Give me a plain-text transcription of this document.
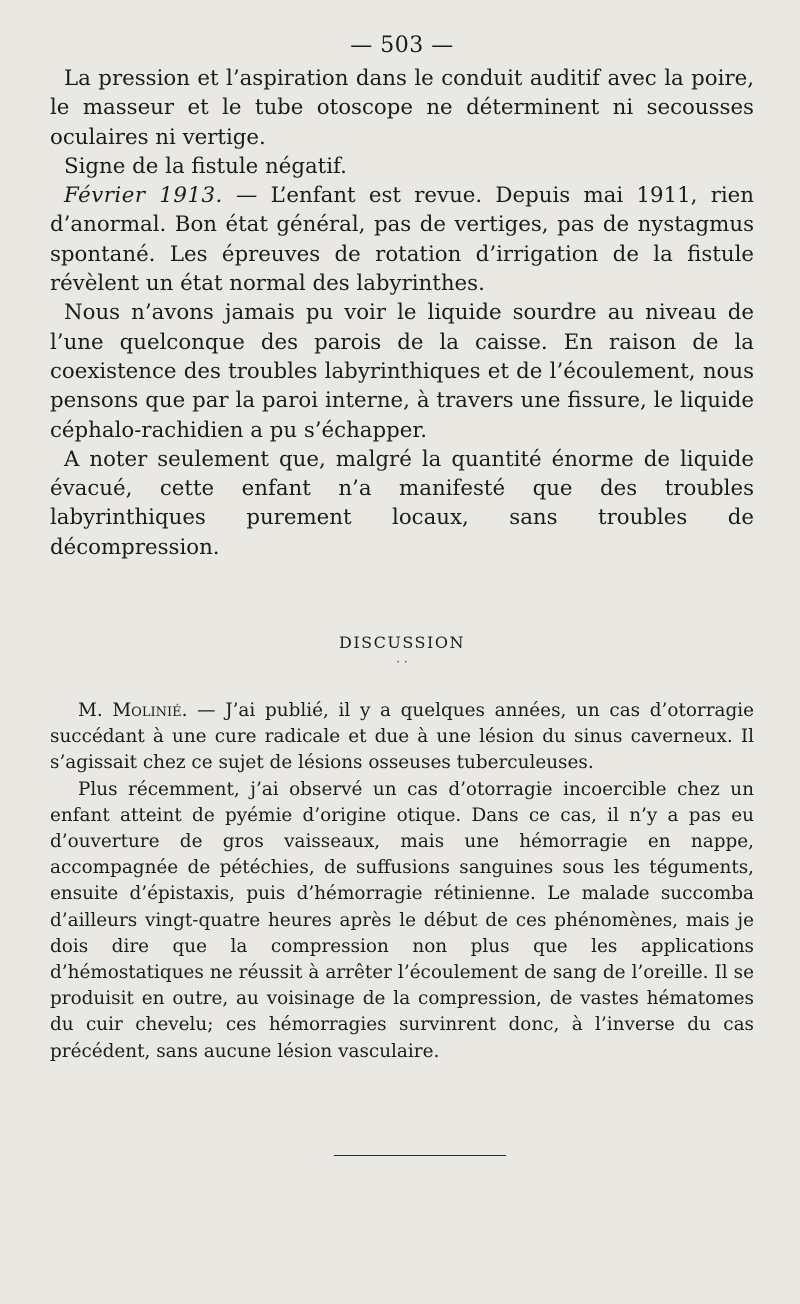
— 503 —

La pression et l’aspiration dans le conduit auditif avec la poire, le masseur et le tube otoscope ne déterminent ni secousses oculaires ni vertige.

Signe de la fistule négatif.

Février 1913. — L’enfant est revue. Depuis mai 1911, rien d’anormal. Bon état général, pas de vertiges, pas de nystagmus spontané. Les épreuves de rotation d’irrigation de la fistule révèlent un état normal des labyrinthes.

Nous n’avons jamais pu voir le liquide sourdre au niveau de l’une quelconque des parois de la caisse. En raison de la coexistence des troubles labyrinthiques et de l’écoulement, nous pensons que par la paroi interne, à travers une fissure, le liquide céphalo-rachidien a pu s’échapper.

A noter seulement que, malgré la quantité énorme de liquide évacué, cette enfant n’a manifesté que des troubles labyrinthiques purement locaux, sans troubles de décompression.

DISCUSSION
· ·

M. Molinié. — J’ai publié, il y a quelques années, un cas d’otorragie succédant à une cure radicale et due à une lésion du sinus caverneux. Il s’agissait chez ce sujet de lésions osseuses tuberculeuses.

Plus récemment, j’ai observé un cas d’otorragie incoercible chez un enfant atteint de pyémie d’origine otique. Dans ce cas, il n’y a pas eu d’ouverture de gros vaisseaux, mais une hémorragie en nappe, accompagnée de pétéchies, de suffusions sanguines sous les téguments, ensuite d’épistaxis, puis d’hémorragie rétinienne. Le malade succomba d’ailleurs vingt-quatre heures après le début de ces phénomènes, mais je dois dire que la compression non plus que les applications d’hémostatiques ne réussit à arrêter l’écoulement de sang de l’oreille. Il se produisit en outre, au voisinage de la compression, de vastes hématomes du cuir chevelu; ces hémorragies survinrent donc, à l’inverse du cas précédent, sans aucune lésion vasculaire.
